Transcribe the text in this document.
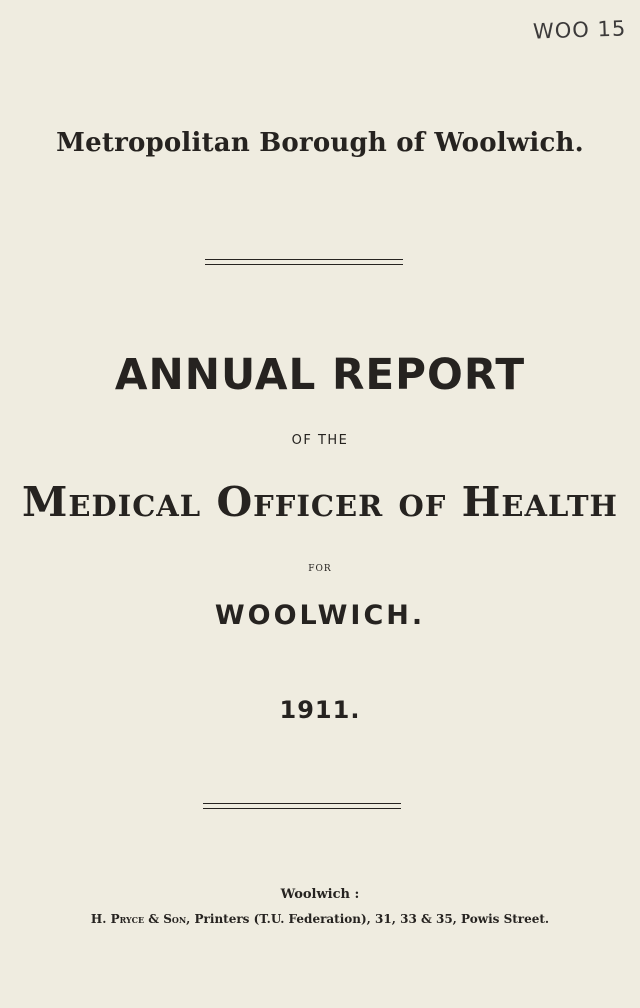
WOO 15
Metropolitan Borough of Woolwich.
ANNUAL REPORT
OF THE
Medical Officer of Health
for
WOOLWICH.
1911.
Woolwich :
H. Pryce & Son, Printers (T.U. Federation), 31, 33 & 35, Powis Street.
